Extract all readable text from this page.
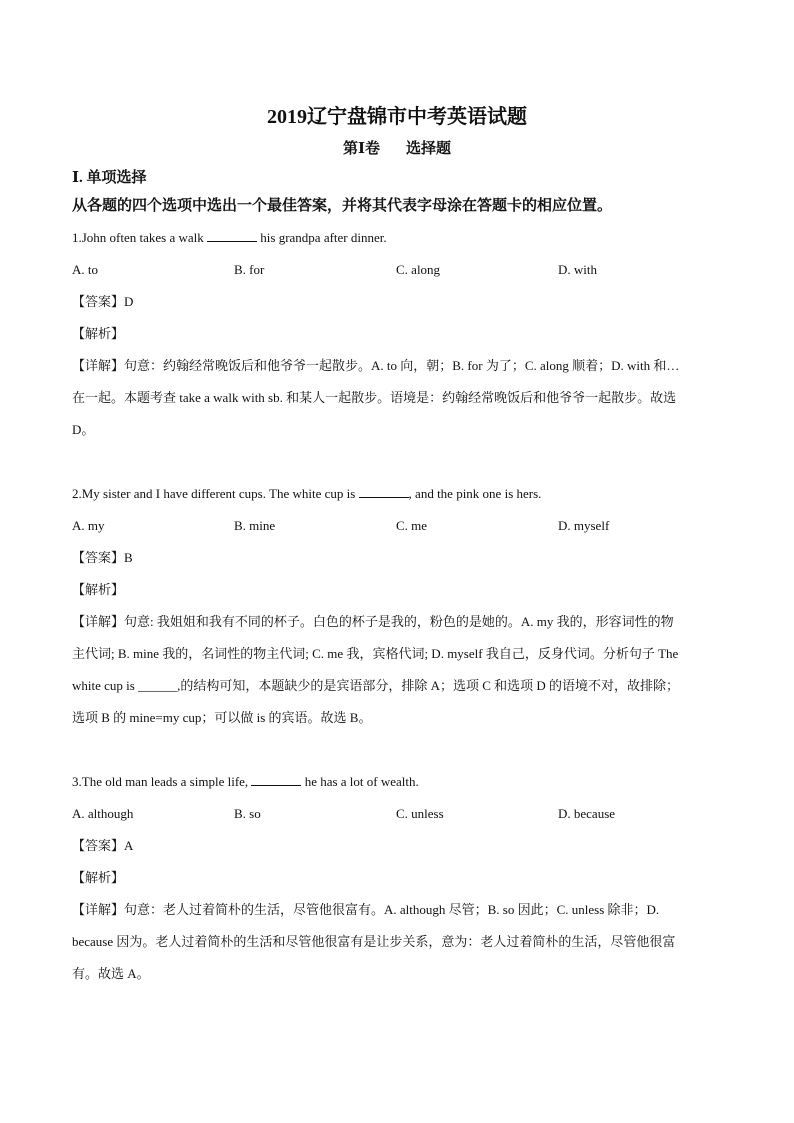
2019辽宁盘锦市中考英语试题
第Ⅰ卷 选择题
Ⅰ. 单项选择
从各题的四个选项中选出一个最佳答案，并将其代表字母涂在答题卡的相应位置。
1.John often takes a walk	his grandpa after dinner.
A. to	B. for	C. along	D. with
【答案】D
【解析】
【详解】句意：约翰经常晚饭后和他爷爷一起散步。A. to 向，朝；B. for 为了；C. along 顺着；D. with 和…
在一起。本题考查 take a walk with sb. 和某人一起散步。语境是：约翰经常晚饭后和他爷爷一起散步。故选
D。
2.My sister and I have different cups. The white cup is	, and the pink one is hers.
A. my	B. mine	C. me	D. myself
【答案】B
【解析】
【详解】句意: 我姐姐和我有不同的杯子。白色的杯子是我的，粉色的是她的。A. my 我的，形容词性的物
主代词; B. mine 我的，名词性的物主代词; C. me 我，宾格代词; D. myself 我自己，反身代词。分析句子 The
white cup is ______,的结构可知，本题缺少的是宾语部分，排除 A；选项 C 和选项 D 的语境不对，故排除；
选项 B 的 mine=my cup；可以做 is 的宾语。故选 B。
3.The old man leads a simple life,	he has a lot of wealth.
A. although	B. so	C. unless	D. because
【答案】A
【解析】
【详解】句意：老人过着简朴的生活，尽管他很富有。A. although 尽管；B. so 因此；C. unless 除非；D.
because 因为。老人过着简朴的生活和尽管他很富有是让步关系，意为：老人过着简朴的生活，尽管他很富
有。故选 A。
